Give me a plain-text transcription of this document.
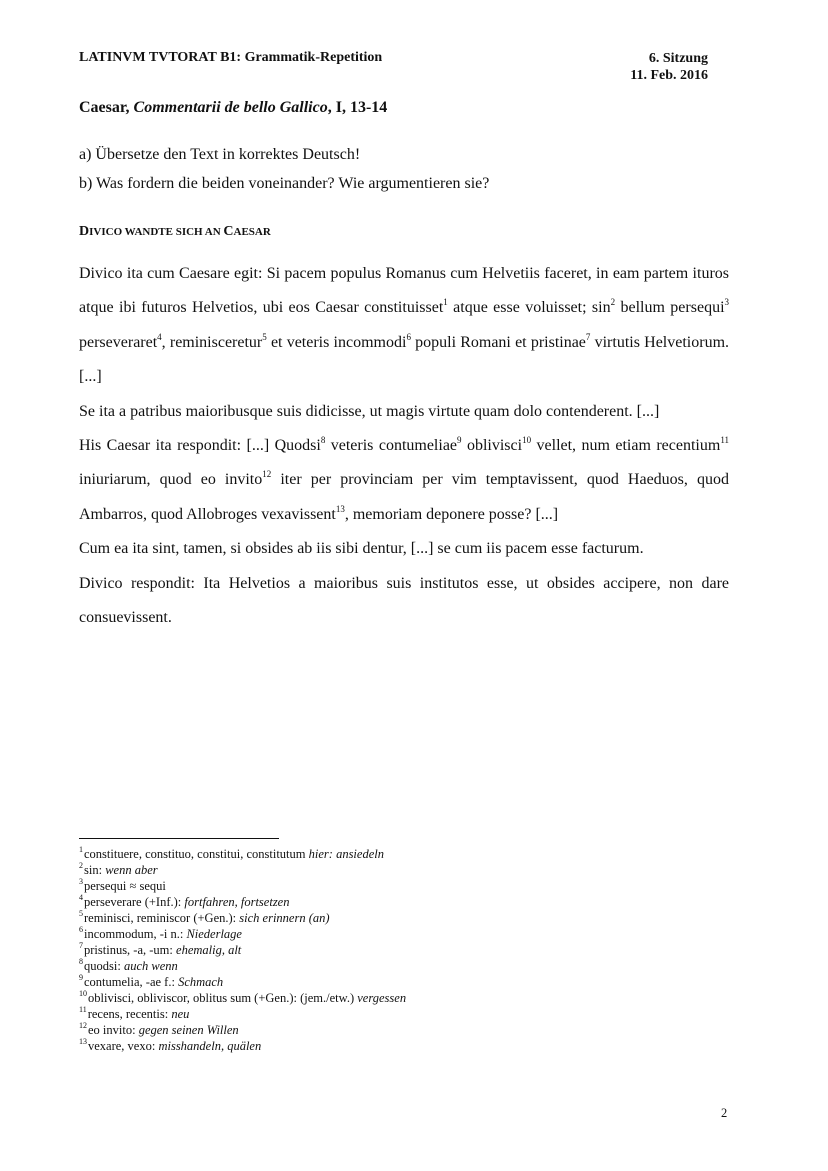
LATINVM TVTORAT B1: Grammatik-Repetition	6. Sitzung
11. Feb. 2016
Caesar, Commentarii de bello Gallico, I, 13-14
a) Übersetze den Text in korrektes Deutsch!
b) Was fordern die beiden voneinander? Wie argumentieren sie?
DIVICO WANDTE SICH AN CAESAR

Divico ita cum Caesare egit: Si pacem populus Romanus cum Helvetiis faceret, in eam partem ituros atque ibi futuros Helvetios, ubi eos Caesar constituisset$^1$ atque esse voluisset; $\sin^2$ bellum persequi$^3$ perseveraret$^4$, reminisceretur$^5$ et veteris incommodi$^6$ populi Romani et pristinae$^7$ virtutis Helvetiorum. [...]

Se ita a patribus maioribusque suis didicisse, ut magis virtute quam dolo contenderent. [...]

His Caesar ita respondit: [...] Quodsi$^8$ veteris contumeliae$^9$ oblivisci$^{10}$ vellet, num etiam recentium$^{11}$ iniuriarum, quod eo invito$^{12}$ iter per provinciam per vim temptavissent, quod Haeduos, quod Ambarros, quod Allobroges vexavissent$^{13}$, memoriam deponere posse? [...]

Cum ea ita sint, tamen, si obsides ab iis sibi dentur, [...] se cum iis pacem esse facturum.

Divico respondit: Ita Helvetios a maioribus suis institutos esse, ut obsides accipere, non dare consuevissent.

$^1$constituere, constituo, constitui, constitutum hier: ansiedeln
$^2$sin: wenn aber
$^3$persequi ≈ sequi
$^4$perseverare (+Inf.): fortfahren, fortsetzen
$^5$reminisci, reminiscor (+Gen.): sich erinnern (an)
$^6$incommodum, -i n.: Niederlage
$^7$pristinus, -a, -um: ehemalig, alt
$^8$quodsi: auch wenn
$^9$contumelia, -ae f.: Schmach
$^{10}$oblivisci, obliviscor, oblitus sum (+Gen.): (jem./etw.) vergessen
$^{11}$recens, recentis: neu
$^{12}$eo invito: gegen seinen Willen
$^{13}$vexare, vexo: misshandeln, quälen
2
